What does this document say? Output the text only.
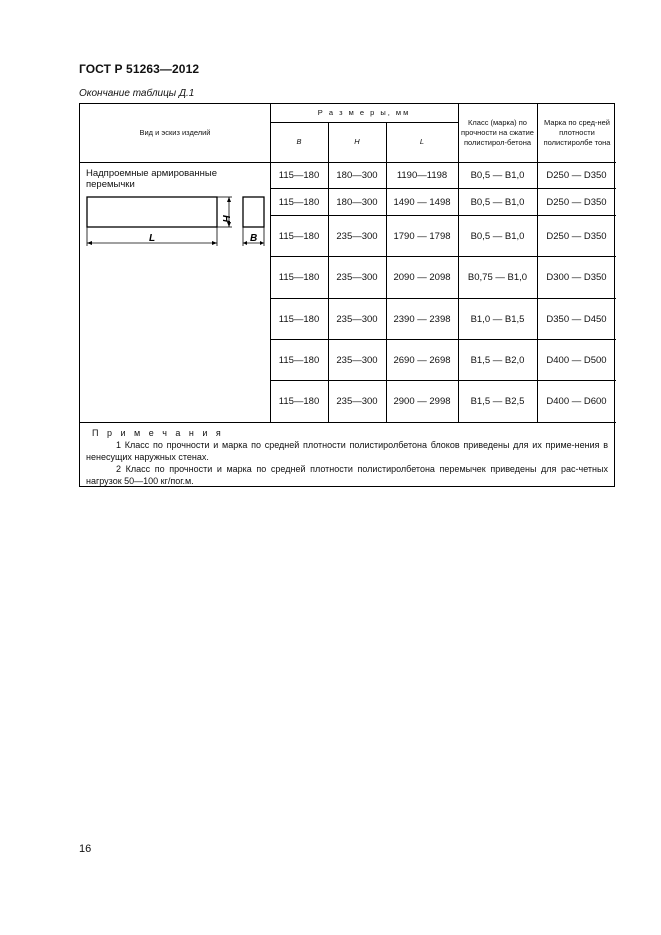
ГОСТ Р 51263—2012
Окончание таблицы Д.1
Вид и эскиз изделий
Р а з м е р ы, мм
B	H	L
Класс (марка) по прочности на сжатие полистирол-бетона
Марка по сред-ней плотности полистиролбе тона
Надпроемные армированные перемычки
H
L	B
115—180	180—300	1190—1198	В0,5 — В1,0	D250 — D350
115—180	180—300	1490 — 1498	В0,5 — В1,0	D250 — D350
115—180	235—300	1790 — 1798	В0,5 — В1,0	D250 — D350
115—180	235—300	2090 — 2098	В0,75 — В1,0	D300 — D350
115—180	235—300	2390 — 2398	В1,0 — В1,5	D350 — D450
115—180	235—300	2690 — 2698	В1,5 — В2,0	D400 — D500
115—180	235—300	2900 — 2998	В1,5 — В2,5	D400 — D600
П р и м е ч а н и я
1 Класс по прочности и марка по средней плотности полистиролбетона блоков приведены для их приме-нения в ненесущих наружных стенах.
2 Класс по прочности и марка по средней плотности полистиролбетона перемычек приведены для рас-четных нагрузок 50—100 кг/пог.м.
16
